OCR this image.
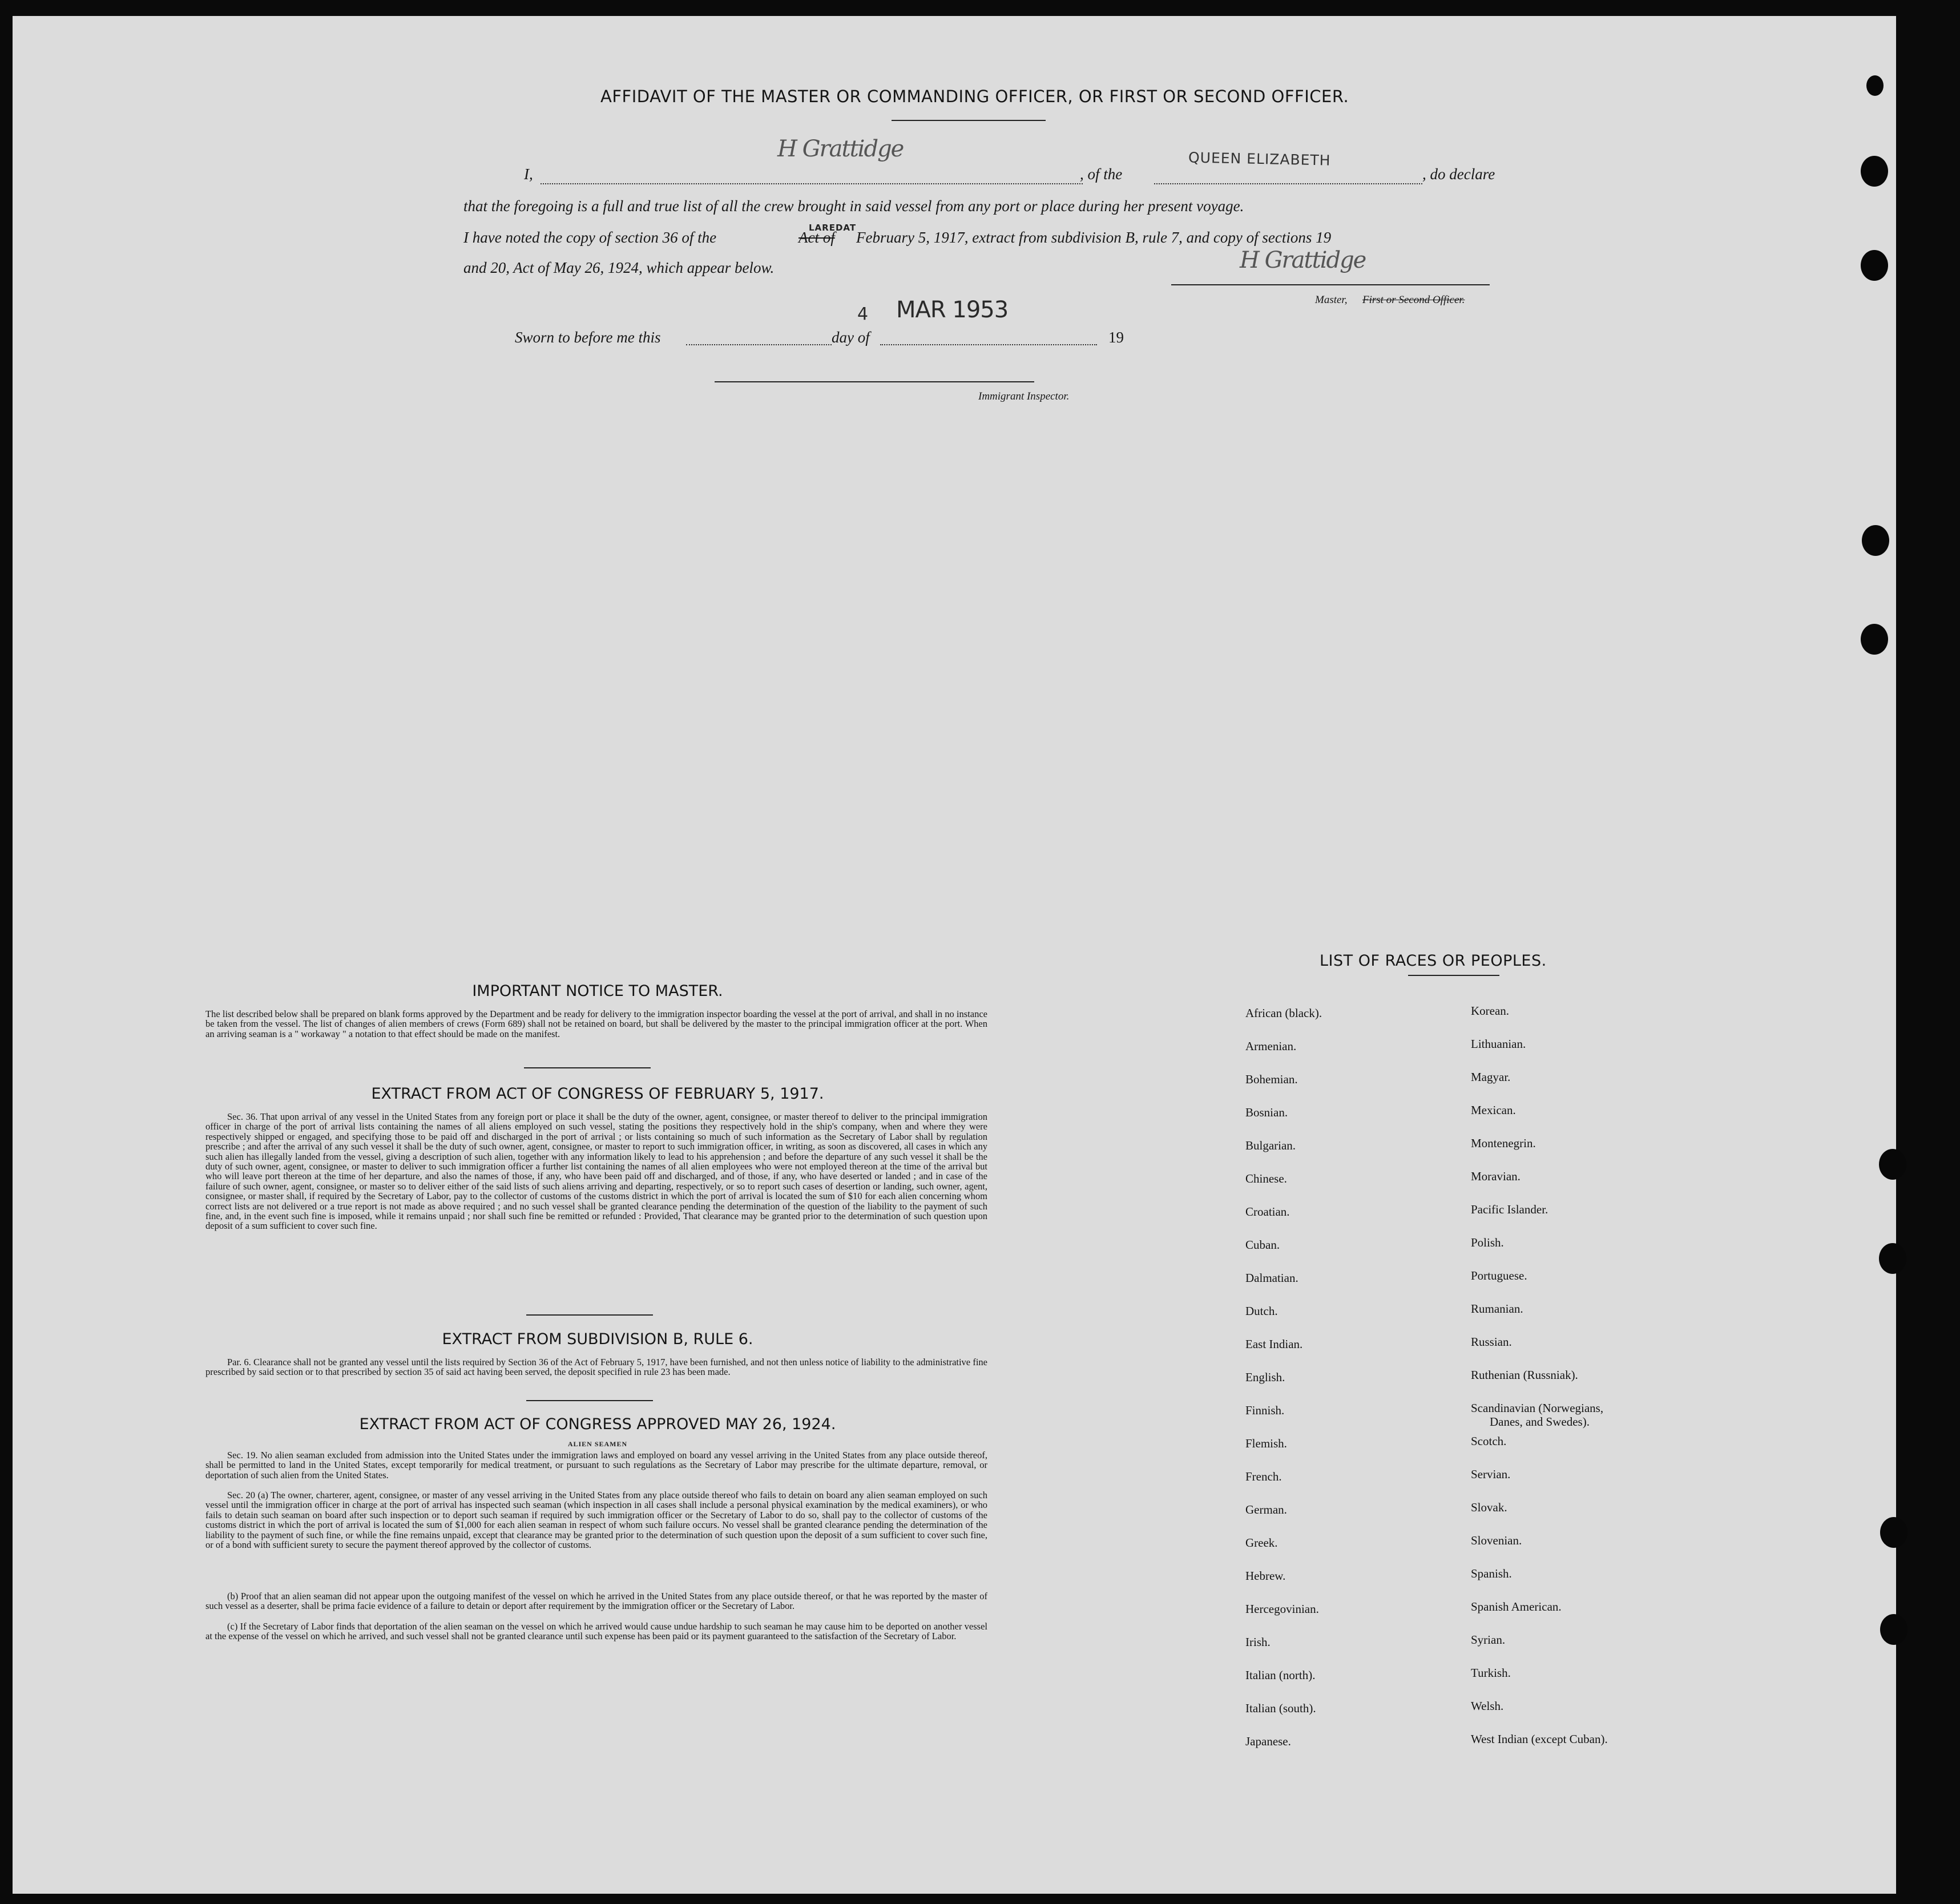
AFFIDAVIT OF THE MASTER OR COMMANDING OFFICER, OR FIRST OR SECOND OFFICER.
I,
H Grattidge
, of the
QUEEN ELIZABETH
, do declare
that the foregoing is a full and true list of all the crew brought in said vessel from any port or place during her present voyage.
I have noted the copy of section 36 of the	Act of
LAREDAT
February 5, 1917, extract from subdivision B, rule 7, and copy of sections 19
and 20, Act of May 26, 1924, which appear below.	H Grattidge
Master, First or Second Officer.
4 MAR 1953
Sworn to before me this	day of	19
Immigrant Inspector.
IMPORTANT NOTICE TO MASTER.
The list described below shall be prepared on blank forms approved by the Department and be ready for delivery to the immigration inspector boarding the vessel at the port of arrival, and shall in no instance be taken from the vessel. The list of changes of alien members of crews (Form 689) shall not be retained on board, but shall be delivered by the master to the principal immigration officer at the port. When an arriving seaman is a " workaway " a notation to that effect should be made on the manifest.
EXTRACT FROM ACT OF CONGRESS OF FEBRUARY 5, 1917.
Sec. 36. That upon arrival of any vessel in the United States from any foreign port or place it shall be the duty of the owner, agent, consignee, or master thereof to deliver to the principal immigration officer in charge of the port of arrival lists containing the names of all aliens employed on such vessel, stating the positions they respectively hold in the ship's company, when and where they were respectively shipped or engaged, and specifying those to be paid off and discharged in the port of arrival ; or lists containing so much of such information as the Secretary of Labor shall by regulation prescribe ; and after the arrival of any such vessel it shall be the duty of such owner, agent, consignee, or master to report to such immigration officer, in writing, as soon as discovered, all cases in which any such alien has illegally landed from the vessel, giving a description of such alien, together with any information likely to lead to his apprehension ; and before the departure of any such vessel it shall be the duty of such owner, agent, consignee, or master to deliver to such immigration officer a further list containing the names of all alien employees who were not employed thereon at the time of the arrival but who will leave port thereon at the time of her departure, and also the names of those, if any, who have been paid off and discharged, and of those, if any, who have deserted or landed ; and in case of the failure of such owner, agent, consignee, or master so to deliver either of the said lists of such aliens arriving and departing, respectively, or so to report such cases of desertion or landing, such owner, agent, consignee, or master shall, if required by the Secretary of Labor, pay to the collector of customs of the customs district in which the port of arrival is located the sum of $10 for each alien concerning whom correct lists are not delivered or a true report is not made as above required ; and no such vessel shall be granted clearance pending the determination of the question of the liability to the payment of such fine, and, in the event such fine is imposed, while it remains unpaid ; nor shall such fine be remitted or refunded : Provided, That clearance may be granted prior to the determination of such question upon deposit of a sum sufficient to cover such fine.
EXTRACT FROM SUBDIVISION B, RULE 6.
Par. 6. Clearance shall not be granted any vessel until the lists required by Section 36 of the Act of February 5, 1917, have been furnished, and not then unless notice of liability to the administrative fine prescribed by said section or to that prescribed by section 35 of said act having been served, the deposit specified in rule 23 has been made.
EXTRACT FROM ACT OF CONGRESS APPROVED MAY 26, 1924.
ALIEN SEAMEN
Sec. 19. No alien seaman excluded from admission into the United States under the immigration laws and employed on board any vessel arriving in the United States from any place outside thereof, shall be permitted to land in the United States, except temporarily for medical treatment, or pursuant to such regulations as the Secretary of Labor may prescribe for the ultimate departure, removal, or deportation of such alien from the United States.
Sec. 20 (a) The owner, charterer, agent, consignee, or master of any vessel arriving in the United States from any place outside thereof who fails to detain on board any alien seaman employed on such vessel until the immigration officer in charge at the port of arrival has inspected such seaman (which inspection in all cases shall include a personal physical examination by the medical examiners), or who fails to detain such seaman on board after such inspection or to deport such seaman if required by such immigration officer or the Secretary of Labor to do so, shall pay to the collector of customs of the customs district in which the port of arrival is located the sum of $1,000 for each alien seaman in respect of whom such failure occurs. No vessel shall be granted clearance pending the determination of the liability to the payment of such fine, or while the fine remains unpaid, except that clearance may be granted prior to the determination of such question upon the deposit of a sum sufficient to cover such fine, or of a bond with sufficient surety to secure the payment thereof approved by the collector of customs.
(b) Proof that an alien seaman did not appear upon the outgoing manifest of the vessel on which he arrived in the United States from any place outside thereof, or that he was reported by the master of such vessel as a deserter, shall be prima facie evidence of a failure to detain or deport after requirement by the immigration officer or the Secretary of Labor.
(c) If the Secretary of Labor finds that deportation of the alien seaman on the vessel on which he arrived would cause undue hardship to such seaman he may cause him to be deported on another vessel at the expense of the vessel on which he arrived, and such vessel shall not be granted clearance until such expense has been paid or its payment guaranteed to the satisfaction of the Secretary of Labor.
LIST OF RACES OR PEOPLES.
African (black).
Armenian.
Bohemian.
Bosnian.
Bulgarian.
Chinese.
Croatian.
Cuban.
Dalmatian.
Dutch.
East Indian.
English.
Finnish.
Flemish.
French.
German.
Greek.
Hebrew.
Hercegovinian.
Irish.
Italian (north).
Italian (south).
Japanese.
Korean.
Lithuanian.
Magyar.
Mexican.
Montenegrin.
Moravian.
Pacific Islander.
Polish.
Portuguese.
Rumanian.
Russian.
Ruthenian (Russniak).
Scandinavian (Norwegians,
Danes, and Swedes).
Scotch.
Servian.
Slovak.
Slovenian.
Spanish.
Spanish American.
Syrian.
Turkish.
Welsh.
West Indian (except Cuban).
